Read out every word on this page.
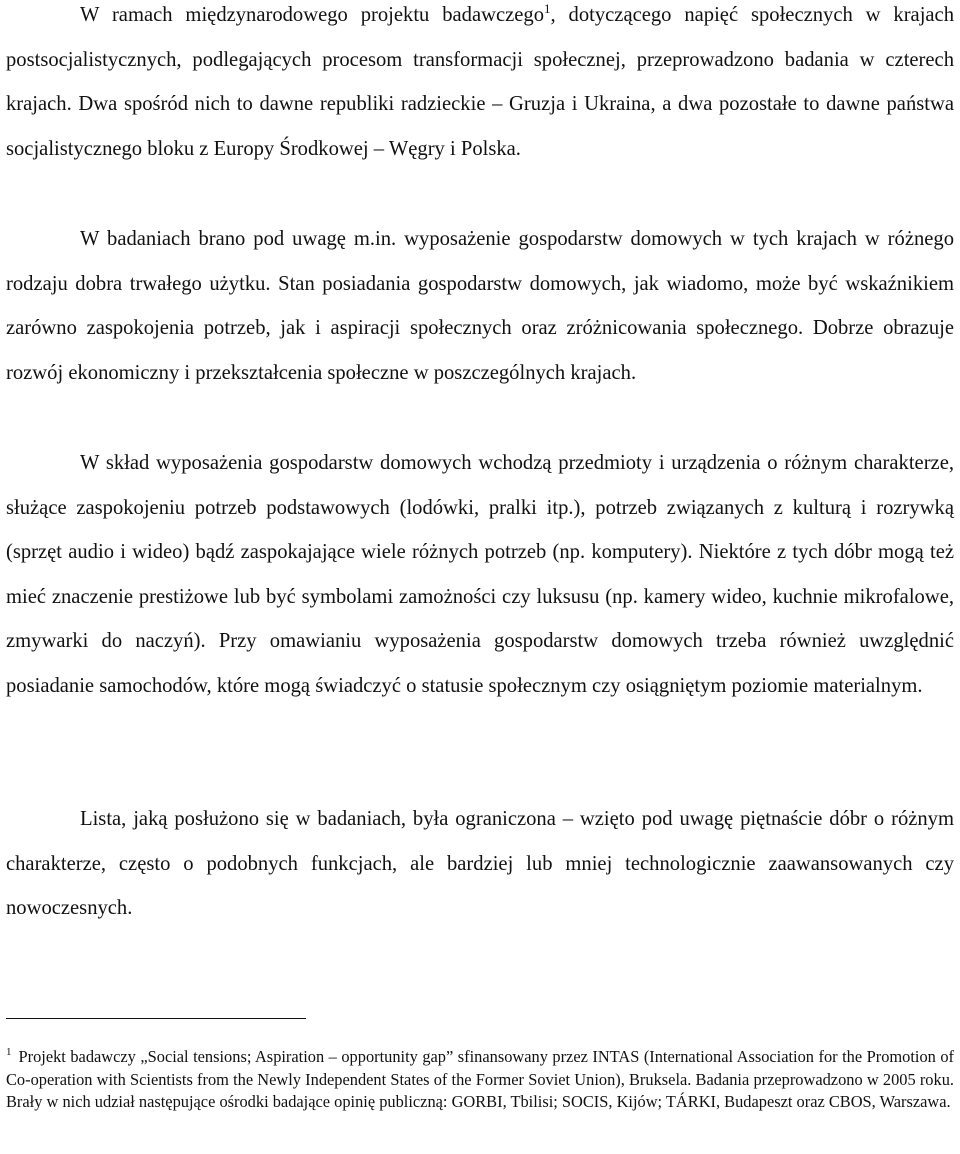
W ramach międzynarodowego projektu badawczego$^1$, dotyczącego napięć społecznych w krajach postsocjalistycznych, podlegających procesom transformacji społecznej, przeprowadzono badania w czterech krajach. Dwa spośród nich to dawne republiki radzieckie – Gruzja i Ukraina, a dwa pozostałe to dawne państwa socjalistycznego bloku z Europy Środkowej – Węgry i Polska.

W badaniach brano pod uwagę m.in. wyposażenie gospodarstw domowych w tych krajach w różnego rodzaju dobra trwałego użytku. Stan posiadania gospodarstw domowych, jak wiadomo, może być wskaźnikiem zarówno zaspokojenia potrzeb, jak i aspiracji społecznych oraz zróżnicowania społecznego. Dobrze obrazuje rozwój ekonomiczny i przekształcenia społeczne w poszczególnych krajach.

W skład wyposażenia gospodarstw domowych wchodzą przedmioty i urządzenia o różnym charakterze, służące zaspokojeniu potrzeb podstawowych (lodówki, pralki itp.), potrzeb związanych z kulturą i rozrywką (sprzęt audio i wideo) bądź zaspokajające wiele różnych potrzeb (np. komputery). Niektóre z tych dóbr mogą też mieć znaczenie prestiżowe lub być symbolami zamożności czy luksusu (np. kamery wideo, kuchnie mikrofalowe, zmywarki do naczyń). Przy omawianiu wyposażenia gospodarstw domowych trzeba również uwzględnić posiadanie samochodów, które mogą świadczyć o statusie społecznym czy osiągniętym poziomie materialnym.

Lista, jaką posłużono się w badaniach, była ograniczona – wzięto pod uwagę piętnaście dóbr o różnym charakterze, często o podobnych funkcjach, ale bardziej lub mniej technologicznie zaawansowanych czy nowoczesnych.

$^1$ Projekt badawczy „Social tensions; Aspiration – opportunity gap” sfinansowany przez INTAS (International Association for the Promotion of Co-operation with Scientists from the Newly Independent States of the Former Soviet Union), Bruksela. Badania przeprowadzono w 2005 roku. Brały w nich udział następujące ośrodki badające opinię publiczną: GORBI, Tbilisi; SOCIS, Kijów; TÁRKI, Budapeszt oraz CBOS, Warszawa.
